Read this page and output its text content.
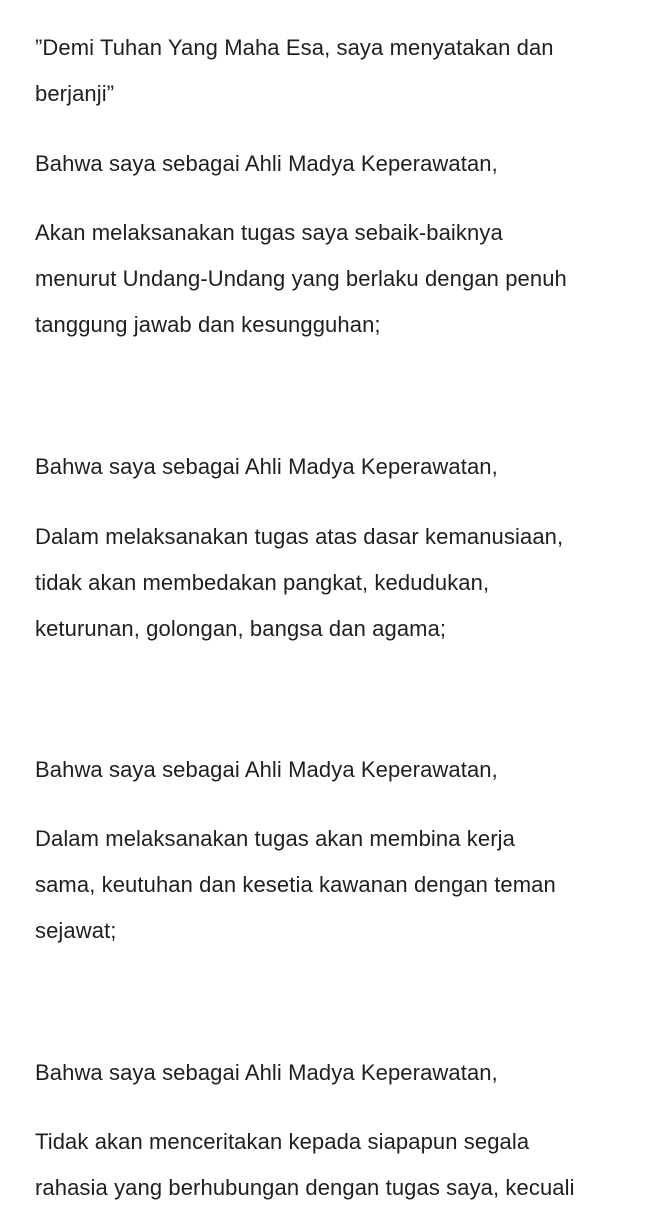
”Demi Tuhan Yang Maha Esa, saya menyatakan dan
berjanji”

Bahwa saya sebagai Ahli Madya Keperawatan,

Akan melaksanakan tugas saya sebaik-baiknya
menurut Undang-Undang yang berlaku dengan penuh
tanggung jawab dan kesungguhan;

Bahwa saya sebagai Ahli Madya Keperawatan,

Dalam melaksanakan tugas atas dasar kemanusiaan,
tidak akan membedakan pangkat, kedudukan,
keturunan, golongan, bangsa dan agama;

Bahwa saya sebagai Ahli Madya Keperawatan,

Dalam melaksanakan tugas akan membina kerja
sama, keutuhan dan kesetia kawanan dengan teman
sejawat;

Bahwa saya sebagai Ahli Madya Keperawatan,

Tidak akan menceritakan kepada siapapun segala
rahasia yang berhubungan dengan tugas saya, kecuali
